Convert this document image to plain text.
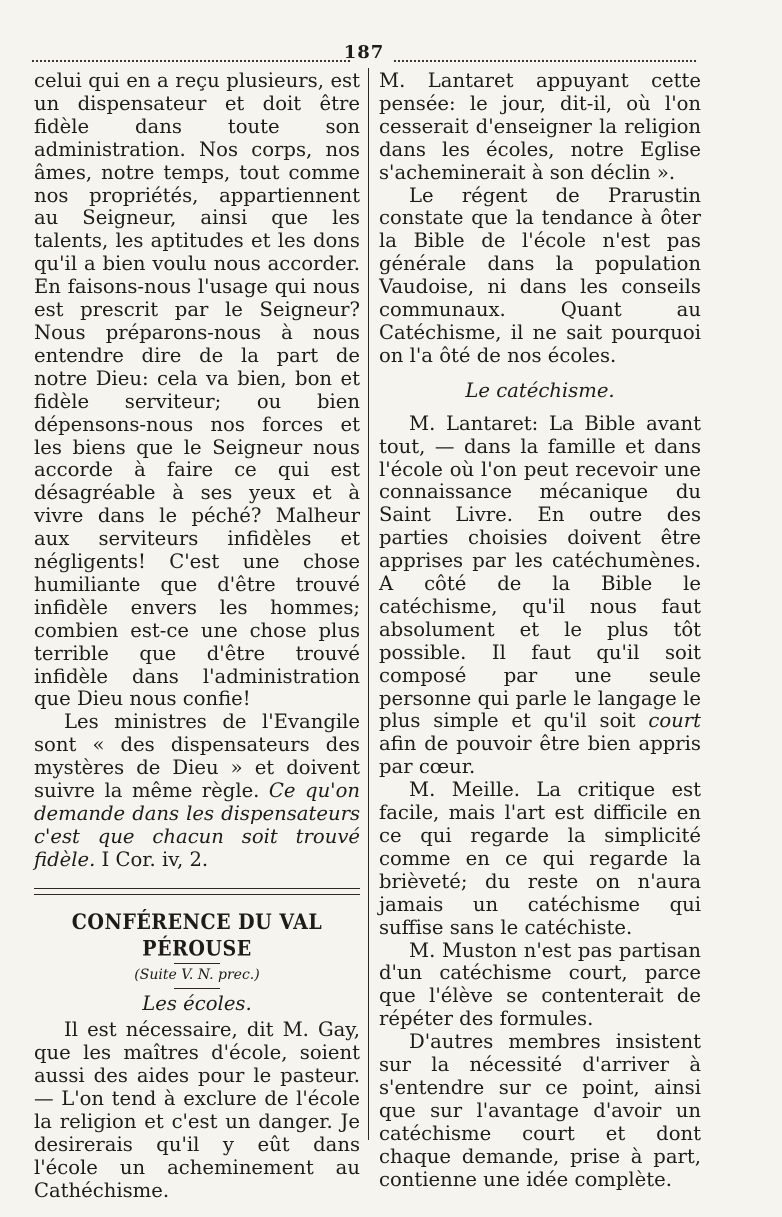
187

celui qui en a reçu plusieurs, est un dispensateur et doit être fidèle dans toute son administration. Nos corps, nos âmes, notre temps, tout comme nos propriétés, appartiennent au Seigneur, ainsi que les talents, les aptitudes et les dons qu'il a bien voulu nous accorder. En faisons-nous l'usage qui nous est prescrit par le Seigneur? Nous préparons-nous à nous entendre dire de la part de notre Dieu: cela va bien, bon et fidèle serviteur; ou bien dépensons-nous nos forces et les biens que le Seigneur nous accorde à faire ce qui est désagréable à ses yeux et à vivre dans le péché? Malheur aux serviteurs infidèles et négligents! C'est une chose humiliante que d'être trouvé infidèle envers les hommes; combien est-ce une chose plus terrible que d'être trouvé infidèle dans l'administration que Dieu nous confie!

Les ministres de l'Evangile sont « des dispensateurs des mystères de Dieu » et doivent suivre la même règle. Ce qu'on demande dans les dispensateurs c'est que chacun soit trouvé fidèle. I Cor. iv, 2.

CONFÉRENCE DU VAL PÉROUSE
(Suite V. N. prec.)
Les écoles.

Il est nécessaire, dit M. Gay, que les maîtres d'école, soient aussi des aides pour le pasteur. — L'on tend à exclure de l'école la religion et c'est un danger. Je desirerais qu'il y eût dans l'école un acheminement au Cathéchisme.

M. Lantaret appuyant cette pensée: le jour, dit-il, où l'on cesserait d'enseigner la religion dans les écoles, notre Eglise s'acheminerait à son déclin ».

Le régent de Prarustin constate que la tendance à ôter la Bible de l'école n'est pas générale dans la population Vaudoise, ni dans les conseils communaux. Quant au Catéchisme, il ne sait pourquoi on l'a ôté de nos écoles.

Le catéchisme.

M. Lantaret: La Bible avant tout, — dans la famille et dans l'école où l'on peut recevoir une connaissance mécanique du Saint Livre. En outre des parties choisies doivent être apprises par les catéchumènes. A côté de la Bible le catéchisme, qu'il nous faut absolument et le plus tôt possible. Il faut qu'il soit composé par une seule personne qui parle le langage le plus simple et qu'il soit court afin de pouvoir être bien appris par cœur.

M. Meille. La critique est facile, mais l'art est difficile en ce qui regarde la simplicité comme en ce qui regarde la brièveté; du reste on n'aura jamais un catéchisme qui suffise sans le catéchiste.

M. Muston n'est pas partisan d'un catéchisme court, parce que l'élève se contenterait de répéter des formules.

D'autres membres insistent sur la nécessité d'arriver à s'entendre sur ce point, ainsi que sur l'avantage d'avoir un catéchisme court et dont chaque demande, prise à part, contienne une idée complète.
